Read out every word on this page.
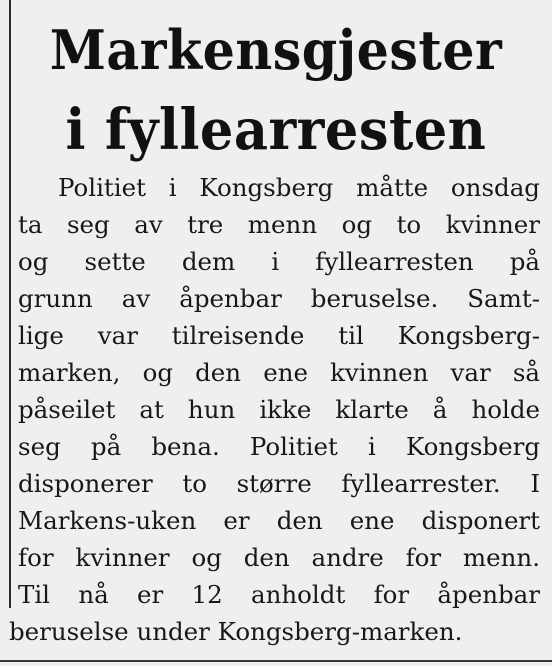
Markensgjester
i fyllearresten
Politiet i Kongsberg måtte onsdag
ta seg av tre menn og to kvinner
og sette dem i fyllearresten på
grunn av åpenbar beruselse. Samt-
lige var tilreisende til Kongsberg-
marken, og den ene kvinnen var så
påseilet at hun ikke klarte å holde
seg på bena. Politiet i Kongsberg
disponerer to større fyllearrester. I
Markens-uken er den ene disponert
for kvinner og den andre for menn.
Til nå er 12 anholdt for åpenbar
beruselse under Kongsberg-marken.
